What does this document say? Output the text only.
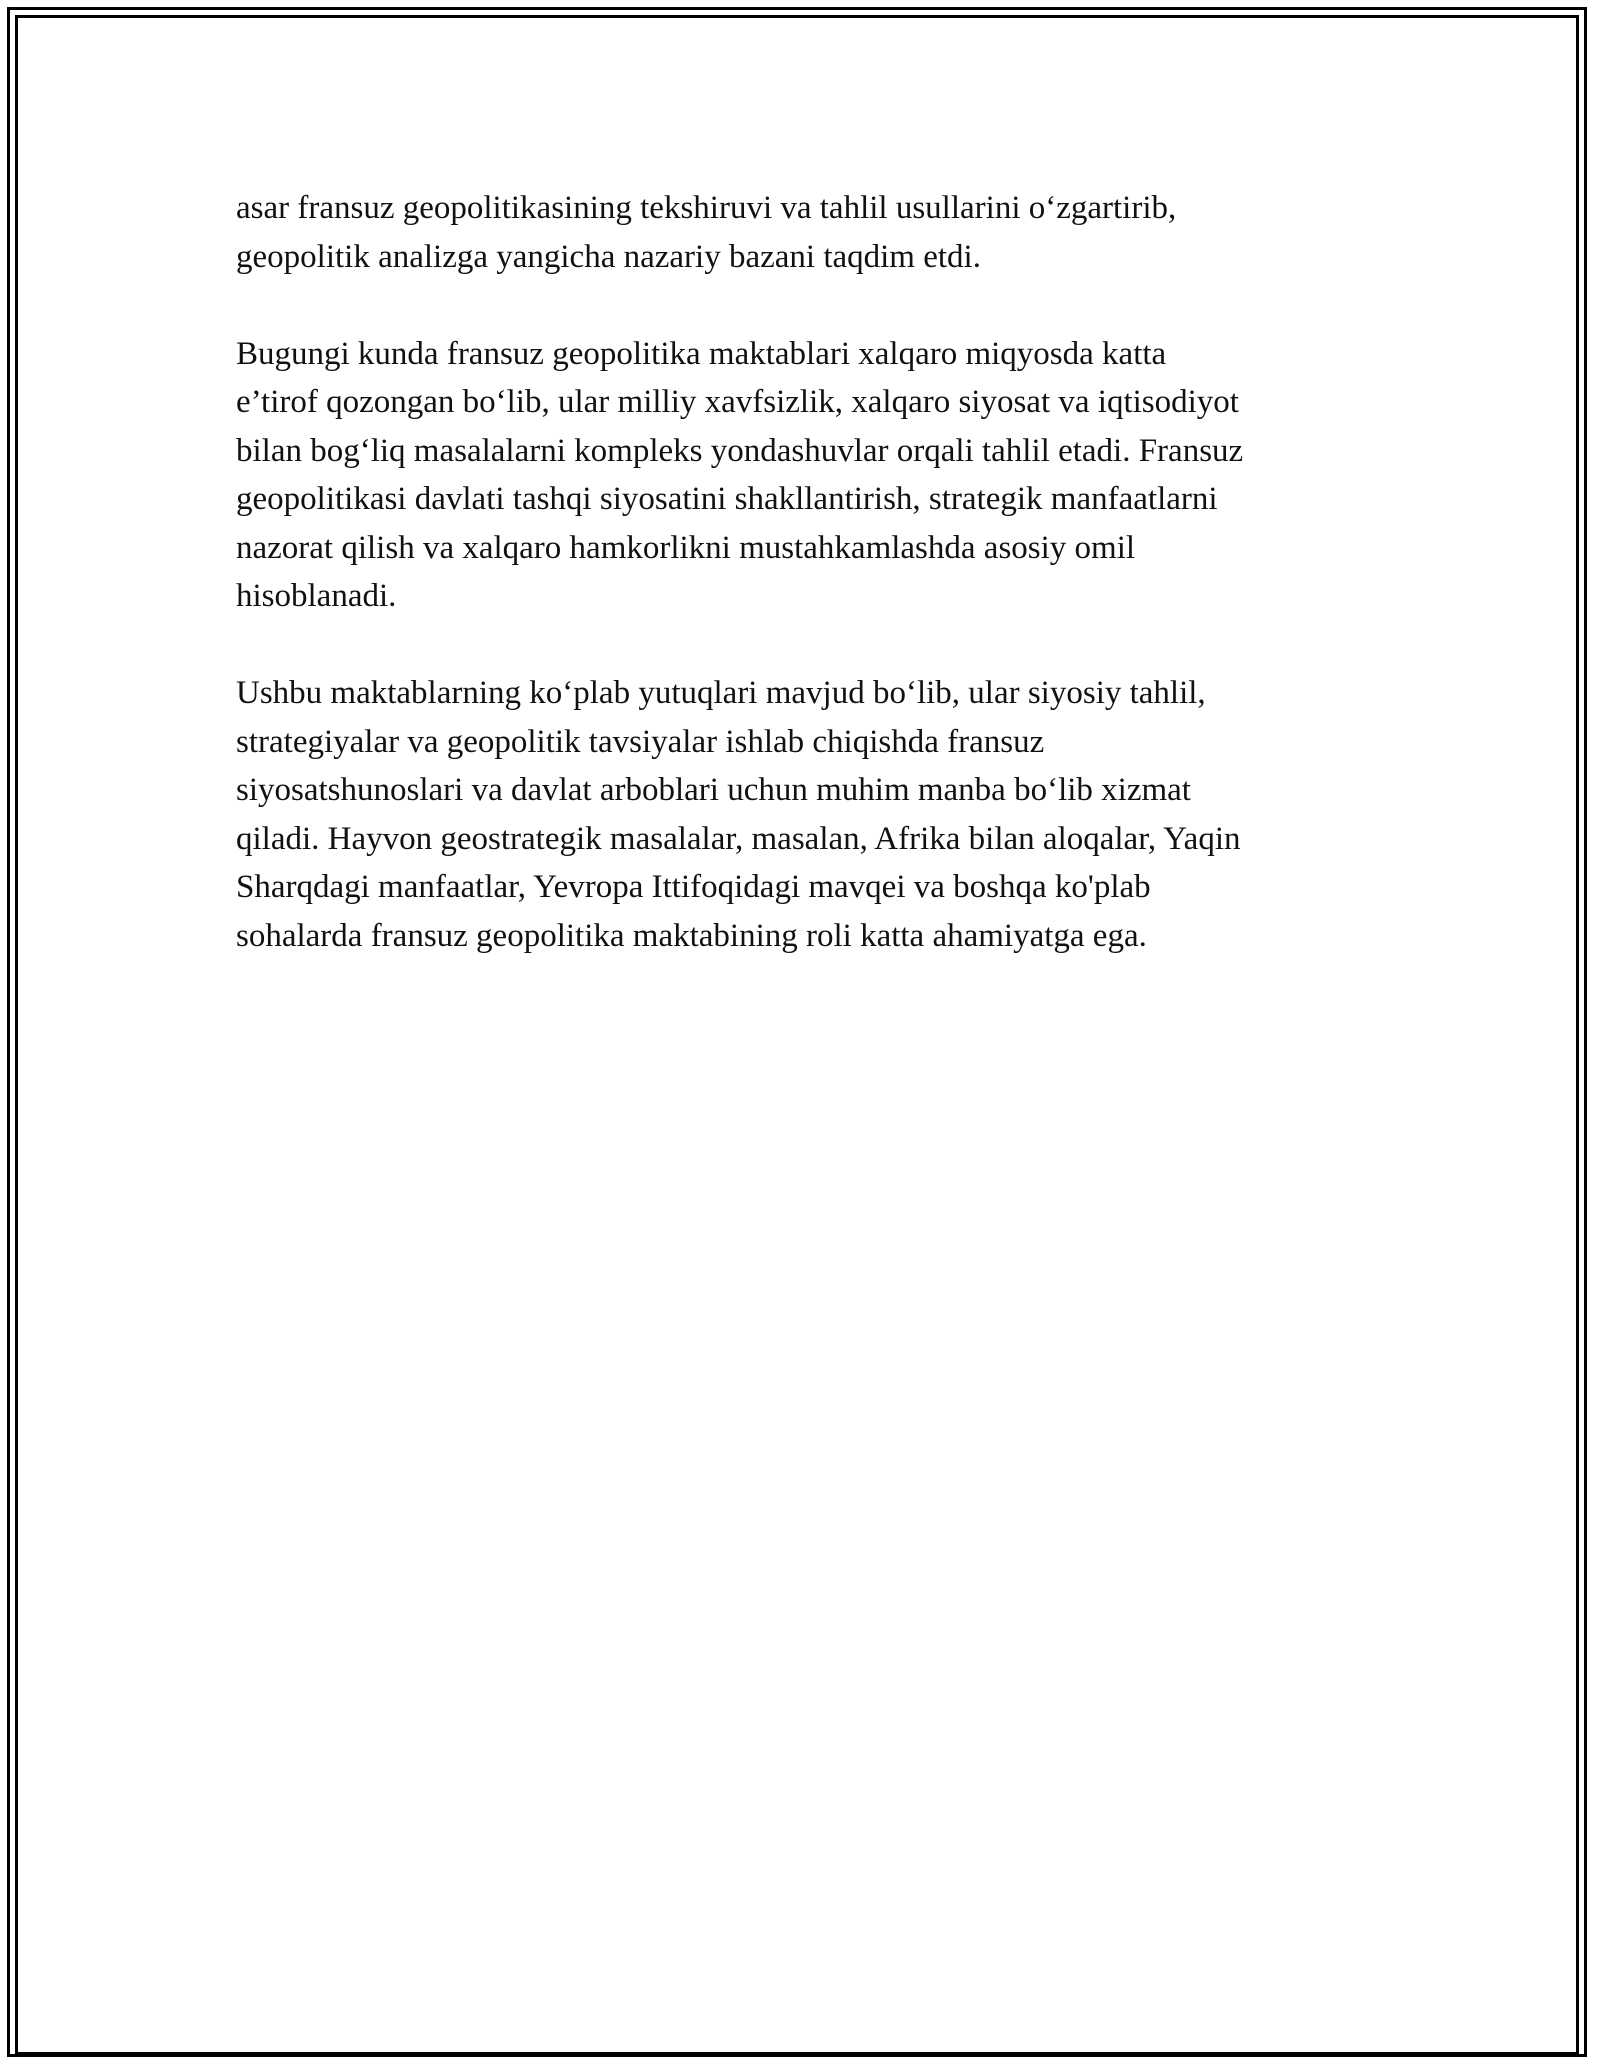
asar fransuz geopolitikasining tekshiruvi va tahlil usullarini o‘zgartirib,
geopolitik analizga yangicha nazariy bazani taqdim etdi.

Bugungi kunda fransuz geopolitika maktablari xalqaro miqyosda katta
e’tirof qozongan bo‘lib, ular milliy xavfsizlik, xalqaro siyosat va iqtisodiyot
bilan bog‘liq masalalarni kompleks yondashuvlar orqali tahlil etadi. Fransuz
geopolitikasi davlati tashqi siyosatini shakllantirish, strategik manfaatlarni
nazorat qilish va xalqaro hamkorlikni mustahkamlashda asosiy omil
hisoblanadi.

Ushbu maktablarning ko‘plab yutuqlari mavjud bo‘lib, ular siyosiy tahlil,
strategiyalar va geopolitik tavsiyalar ishlab chiqishda fransuz
siyosatshunoslari va davlat arboblari uchun muhim manba bo‘lib xizmat
qiladi. Hayvon geostrategik masalalar, masalan, Afrika bilan aloqalar, Yaqin
Sharqdagi manfaatlar, Yevropa Ittifoqidagi mavqei va boshqa ko'plab
sohalarda fransuz geopolitika maktabining roli katta ahamiyatga ega.
